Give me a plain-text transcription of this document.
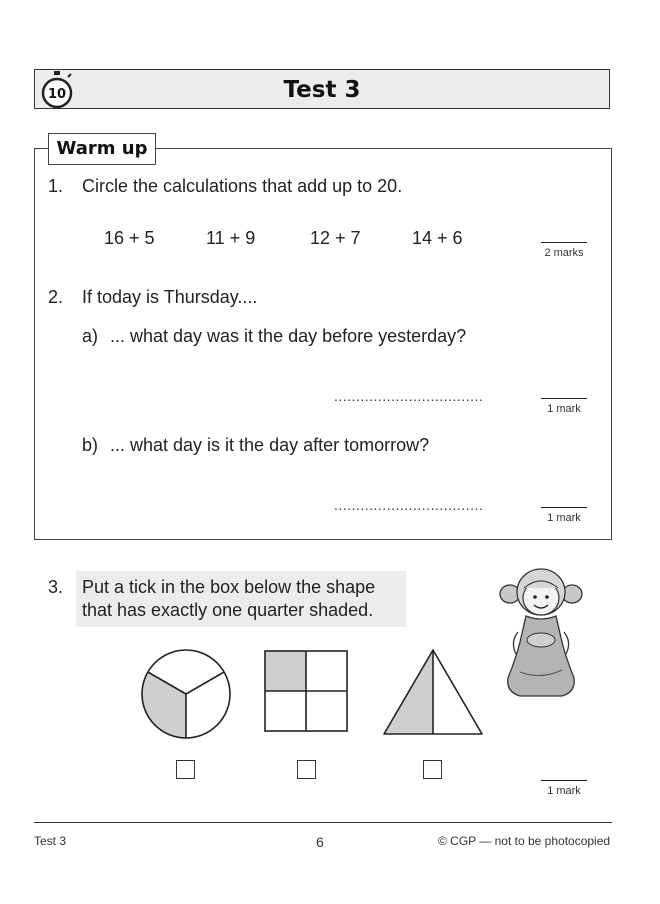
10	Test 3
Warm up
1. Circle the calculations that add up to 20.
16 + 5	11 + 9	12 + 7	14 + 6
2 marks
2. If today is Thursday....
a) ... what day was it the day before yesterday?
..................................
1 mark
b) ... what day is it the day after tomorrow?
..................................
1 mark
3. Put a tick in the box below the shape
that has exactly one quarter shaded.
1 mark
Test 3	6	© CGP — not to be photocopied
